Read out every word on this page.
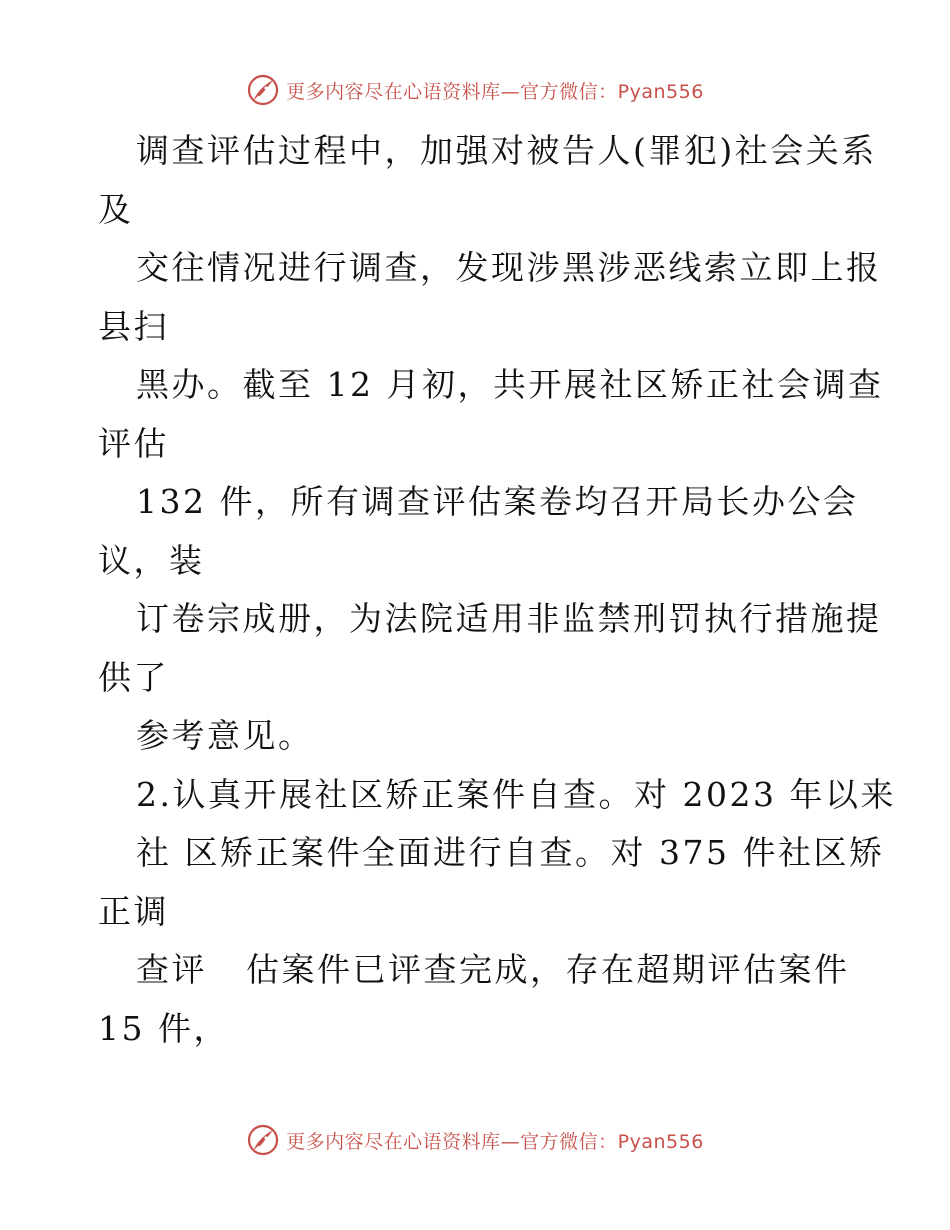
更多内容尽在心语资料库—官方微信：Pyan556
调查评估过程中，加强对被告人(罪犯)社会关系
及
交往情况进行调查，发现涉黑涉恶线索立即上报
县扫
黑办。截至 12 月初，共开展社区矫正社会调查
评估
132 件，所有调查评估案卷均召开局长办公会
议，装
订卷宗成册，为法院适用非监禁刑罚执行措施提
供了
参考意见。
2.认真开展社区矫正案件自查。对 2023 年以来
社 区矫正案件全面进行自查。对 375 件社区矫
正调
查评   估案件已评查完成，存在超期评估案件
15 件，
更多内容尽在心语资料库—官方微信：Pyan556
